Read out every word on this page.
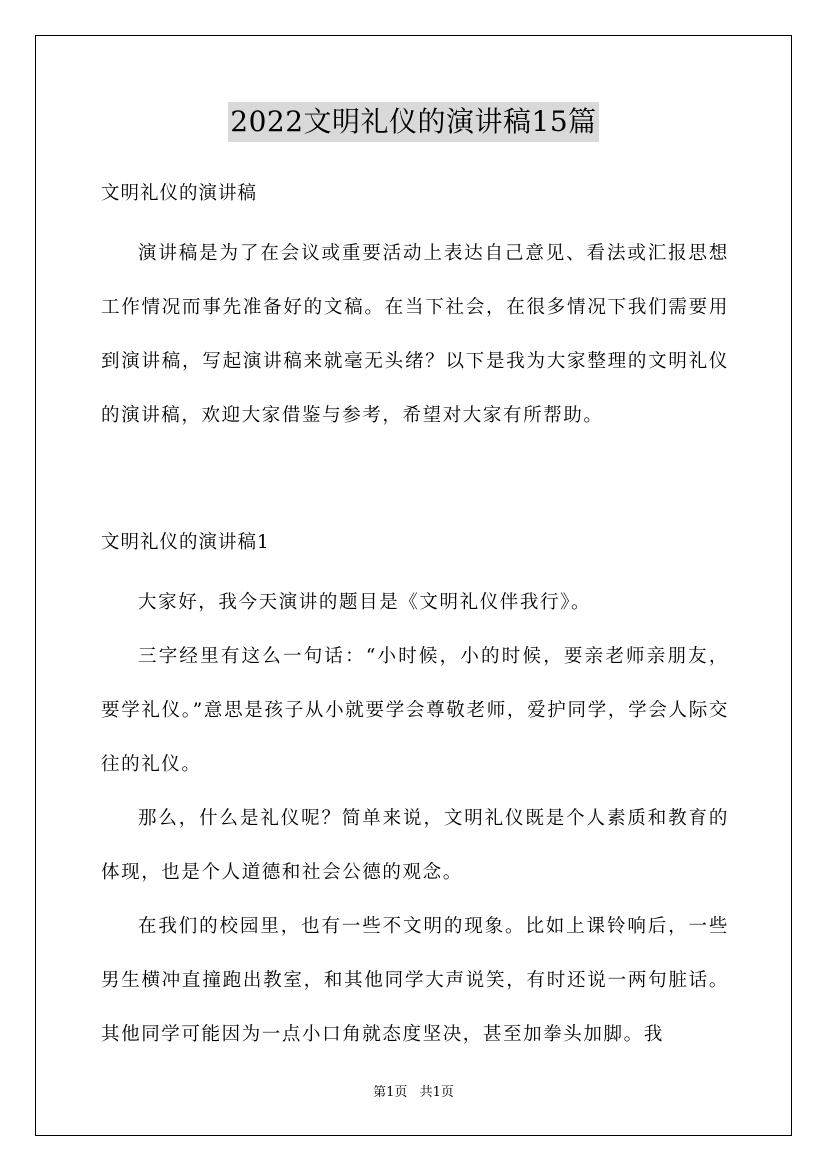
2022文明礼仪的演讲稿15篇

文明礼仪的演讲稿

演讲稿是为了在会议或重要活动上表达自己意见、看法或汇报思想工作情况而事先准备好的文稿。在当下社会，在很多情况下我们需要用到演讲稿，写起演讲稿来就毫无头绪？以下是我为大家整理的文明礼仪的演讲稿，欢迎大家借鉴与参考，希望对大家有所帮助。

文明礼仪的演讲稿1

大家好，我今天演讲的题目是《文明礼仪伴我行》。

三字经里有这么一句话：“小时候，小的时候，要亲老师亲朋友，要学礼仪。”意思是孩子从小就要学会尊敬老师，爱护同学，学会人际交往的礼仪。

那么，什么是礼仪呢？简单来说，文明礼仪既是个人素质和教育的体现，也是个人道德和社会公德的观念。

在我们的校园里，也有一些不文明的现象。比如上课铃响后，一些男生横冲直撞跑出教室，和其他同学大声说笑，有时还说一两句脏话。其他同学可能因为一点小口角就态度坚决，甚至加拳头加脚。我

第1页 共1页
